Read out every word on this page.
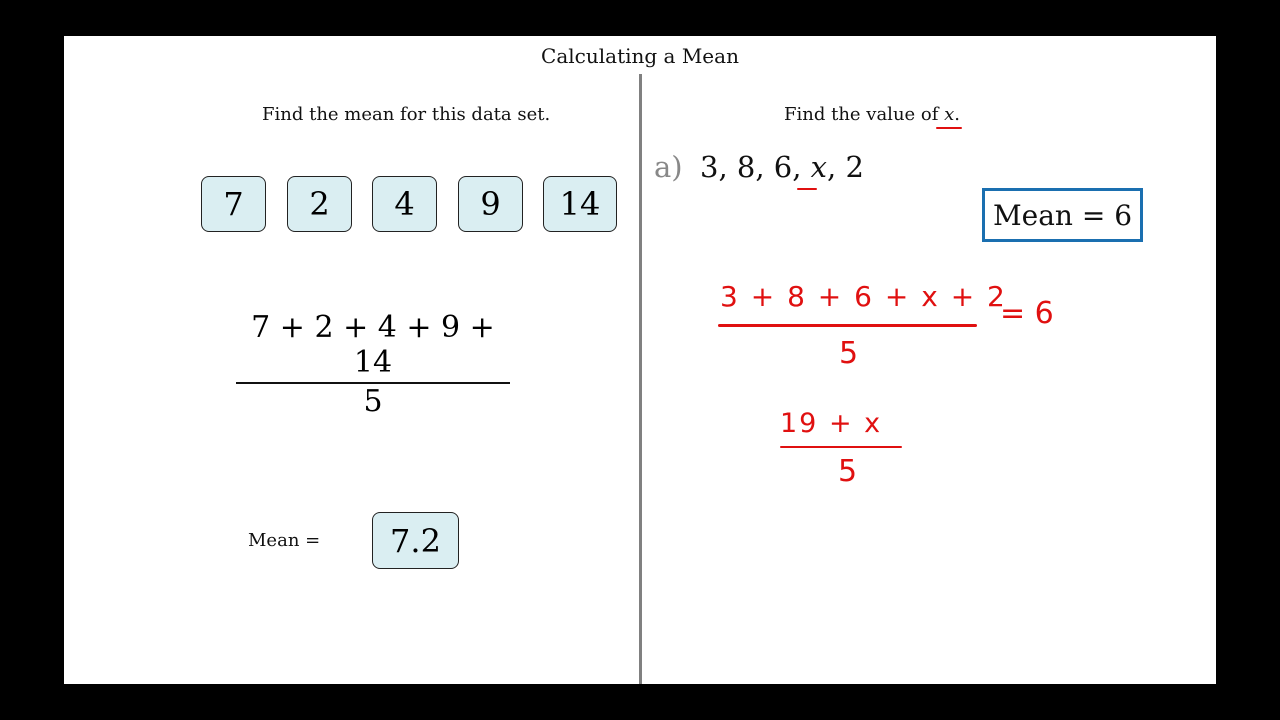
Calculating a Mean
Find the mean for this data set.
7	2	4	9	14
$\frac{7 + 2 + 4 + 9 + 14}{5}$
Mean =	7.2
Find the value of x.
a) 3, 8, 6, x, 2
Mean = 6
3 + 8 + 6 + x + 2
5
= 6
19 + x
5
